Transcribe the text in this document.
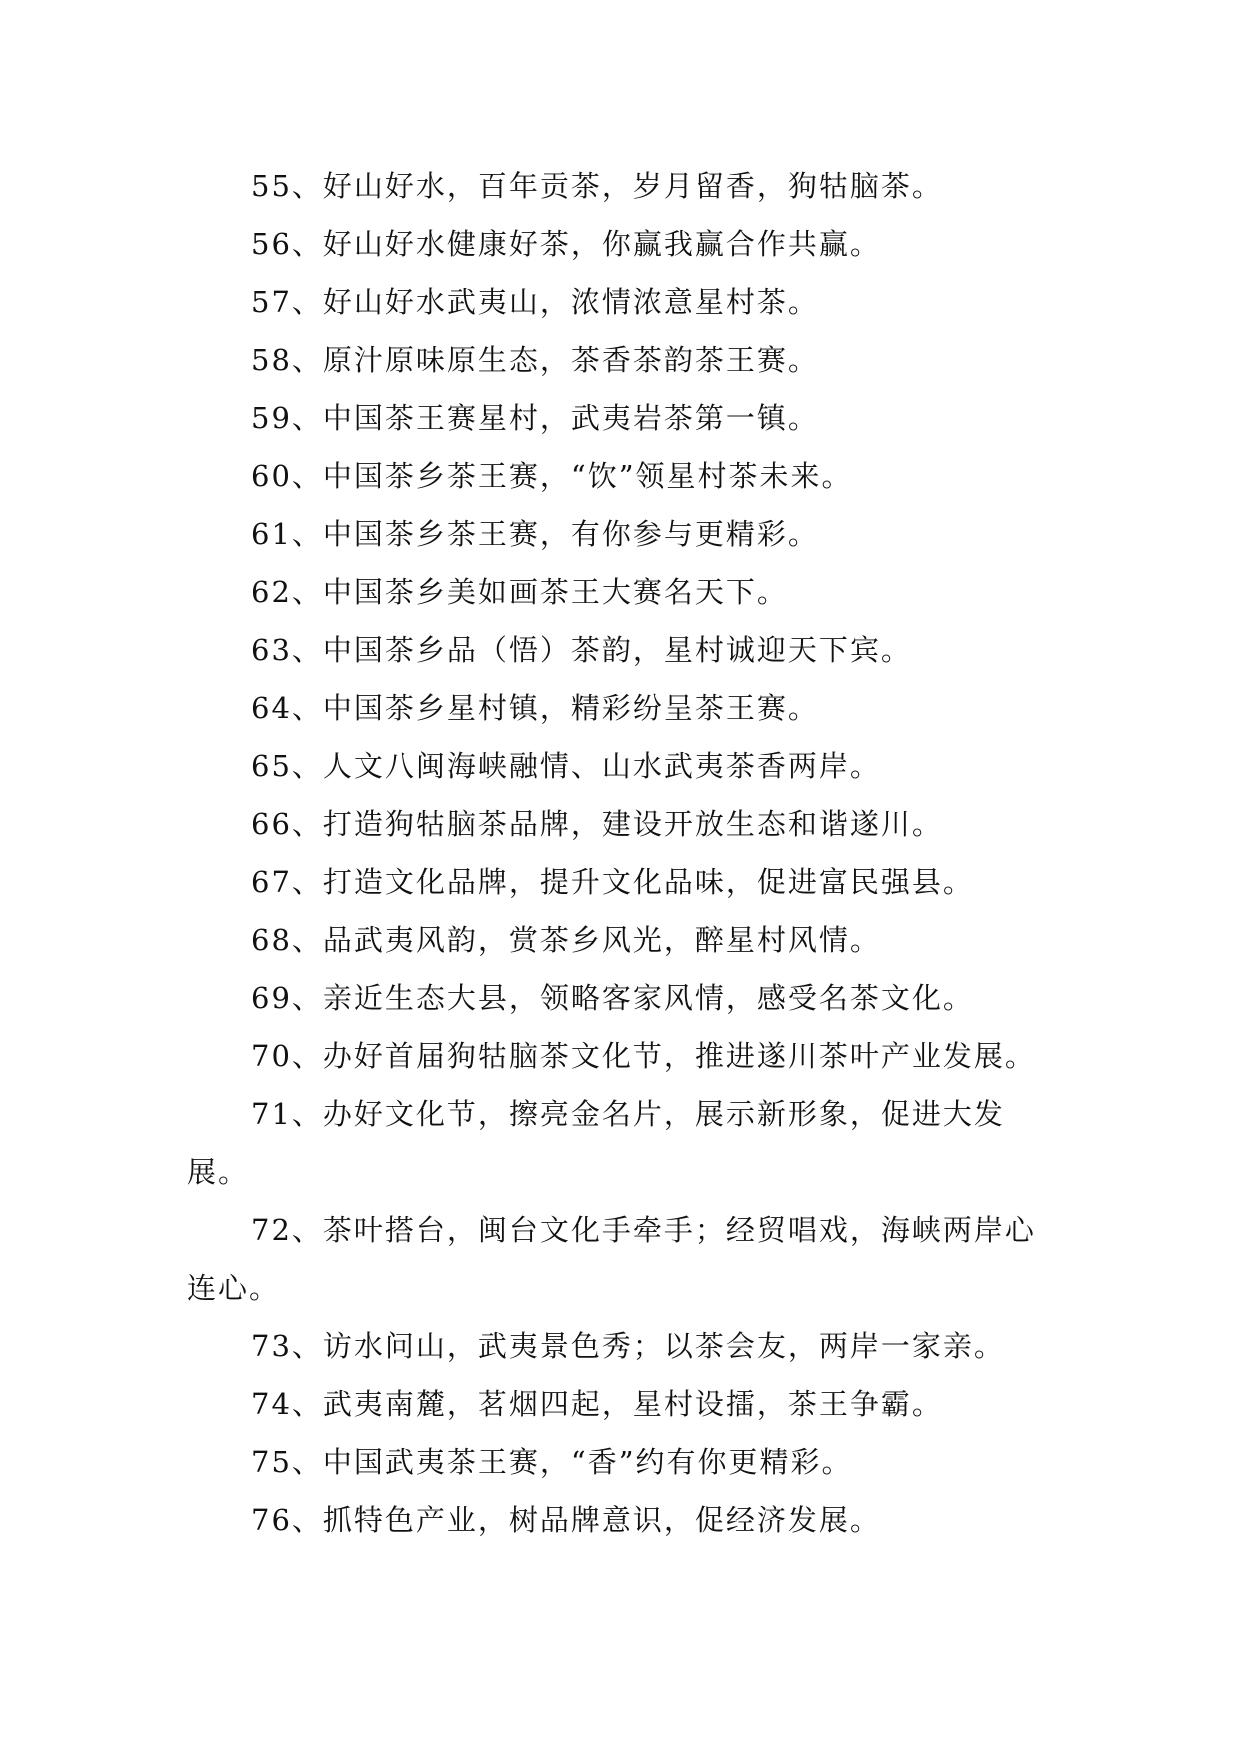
55、好山好水，百年贡茶，岁月留香，狗牯脑茶。

56、好山好水健康好茶，你赢我赢合作共赢。

57、好山好水武夷山，浓情浓意星村茶。

58、原汁原味原生态，茶香茶韵茶王赛。

59、中国茶王赛星村，武夷岩茶第一镇。

60、中国茶乡茶王赛，“饮”领星村茶未来。

61、中国茶乡茶王赛，有你参与更精彩。

62、中国茶乡美如画茶王大赛名天下。

63、中国茶乡品（悟）茶韵，星村诚迎天下宾。

64、中国茶乡星村镇，精彩纷呈茶王赛。

65、人文八闽海峡融情、山水武夷茶香两岸。

66、打造狗牯脑茶品牌，建设开放生态和谐遂川。

67、打造文化品牌，提升文化品味，促进富民强县。

68、品武夷风韵，赏茶乡风光，醉星村风情。

69、亲近生态大县，领略客家风情，感受名茶文化。

70、办好首届狗牯脑茶文化节，推进遂川茶叶产业发展。

71、办好文化节，擦亮金名片，展示新形象，促进大发展。

72、茶叶搭台，闽台文化手牵手；经贸唱戏，海峡两岸心连心。

73、访水问山，武夷景色秀；以茶会友，两岸一家亲。

74、武夷南麓，茗烟四起，星村设擂，茶王争霸。

75、中国武夷茶王赛，“香”约有你更精彩。

76、抓特色产业，树品牌意识，促经济发展。
